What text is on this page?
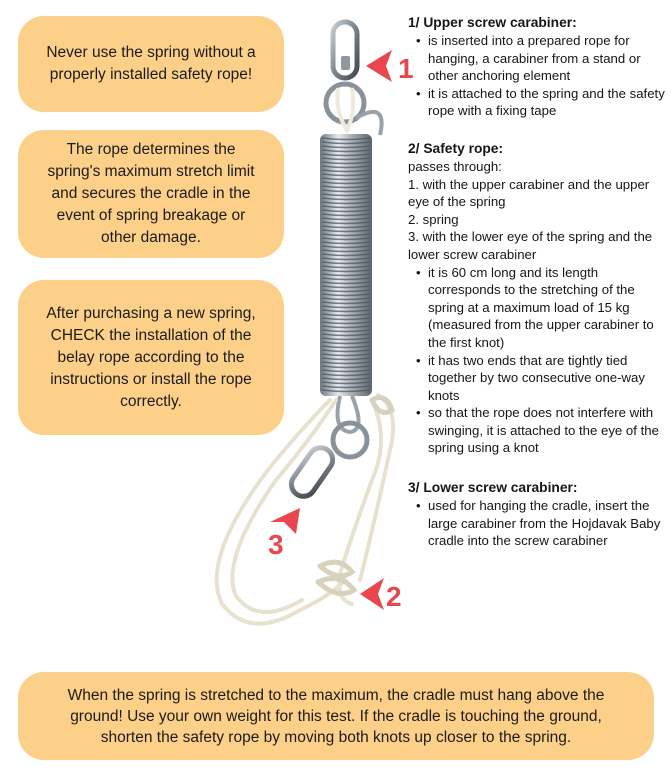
Never use the spring without a properly installed safety rope!
The rope determines the spring's maximum stretch limit and secures the cradle in the event of spring breakage or other damage.
After purchasing a new spring, CHECK the installation of the belay rope according to the instructions or install the rope correctly.
1
3
2
1/ Upper screw carabiner:
• is inserted into a prepared rope for hanging, a carabiner from a stand or other anchoring element
• it is attached to the spring and the safety rope with a fixing tape
2/ Safety rope:
passes through:
1. with the upper carabiner and the upper eye of the spring
2. spring
3. with the lower eye of the spring and the lower screw carabiner
• it is 60 cm long and its length corresponds to the stretching of the spring at a maximum load of 15 kg (measured from the upper carabiner to the first knot)
• it has two ends that are tightly tied together by two consecutive one-way knots
• so that the rope does not interfere with swinging, it is attached to the eye of the spring using a knot
3/ Lower screw carabiner:
• used for hanging the cradle, insert the large carabiner from the Hojdavak Baby cradle into the screw carabiner
When the spring is stretched to the maximum, the cradle must hang above the ground! Use your own weight for this test. If the cradle is touching the ground, shorten the safety rope by moving both knots up closer to the spring.
